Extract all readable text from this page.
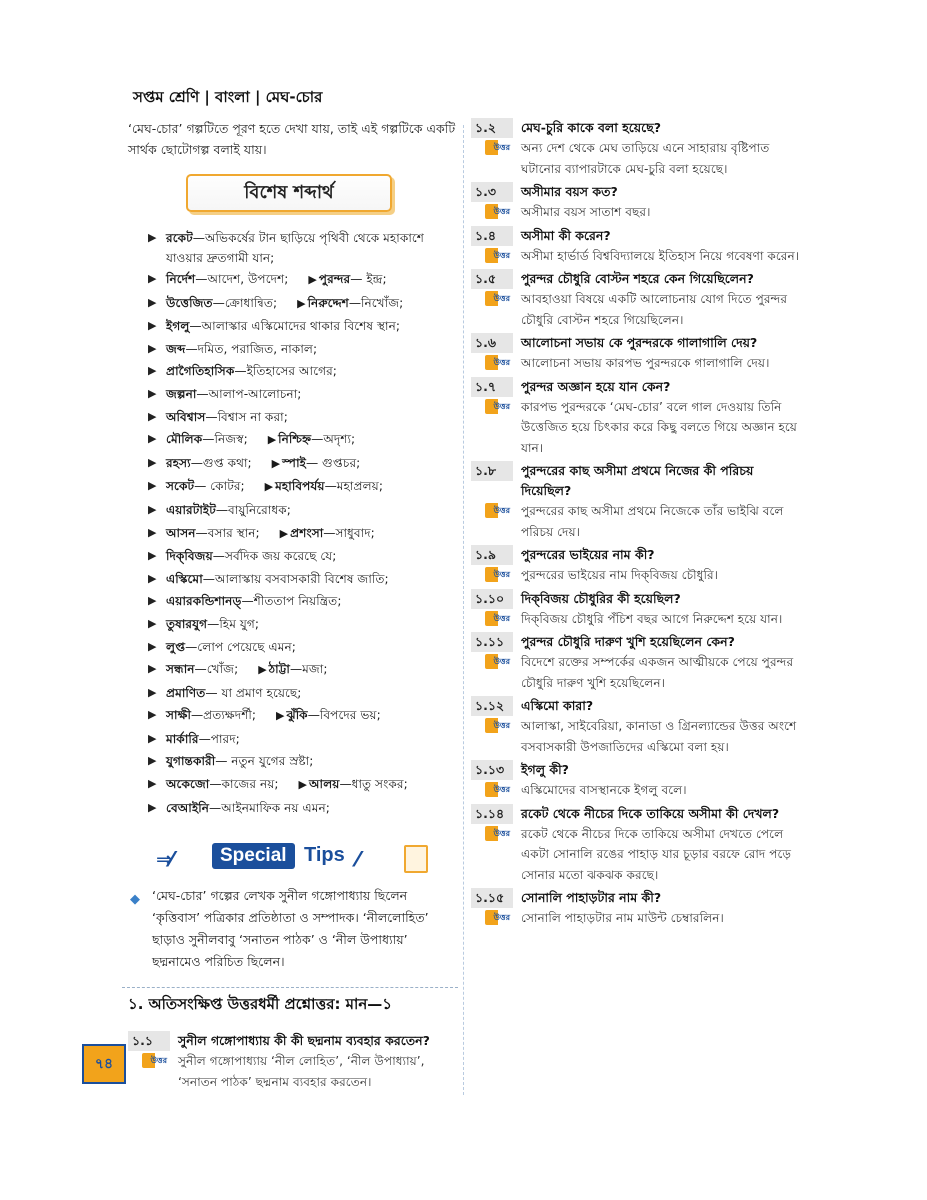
সপ্তম শ্রেণি | বাংলা | মেঘ-চোর

‘মেঘ-চোর’ গল্পটিতে পূরণ হতে দেখা যায়, তাই এই গল্পটিকে একটি সার্থক ছোটোগল্প বলাই যায়।

বিশেষ শব্দার্থ
▶ রকেট—অভিকর্ষের টান ছাড়িয়ে পৃথিবী থেকে মহাকাশে যাওয়ার দ্রুতগামী যান;
▶ নির্দেশ—আদেশ, উপদেশ; ▶ পুরন্দর— ইন্দ্র;
▶ উত্তেজিত—ক্রোধান্বিত; ▶ নিরুদ্দেশ—নিখোঁজ;
▶ ইগলু—আলাস্কার এস্কিমোদের থাকার বিশেষ স্থান;
▶ জব্দ—দমিত, পরাজিত, নাকাল;
▶ প্রাগৈতিহাসিক—ইতিহাসের আগের;
▶ জল্পনা—আলাপ-আলোচনা;
▶ অবিশ্বাস—বিশ্বাস না করা;
▶ মৌলিক—নিজস্ব; ▶ নিশ্চিহ্ন—অদৃশ্য;
▶ রহস্য—গুপ্ত কথা; ▶ স্পাই— গুপ্তচর;
▶ সকেট— কোটর; ▶ মহাবিপর্যয়—মহাপ্রলয়;
▶ এয়ারটাইট—বায়ুনিরোধক;
▶ আসন—বসার স্থান; ▶ প্রশংসা—সাধুবাদ;
▶ দিক্‌বিজয়—সর্বদিক জয় করেছে যে;
▶ এস্কিমো—আলাস্কায় বসবাসকারী বিশেষ জাতি;
▶ এয়ারকন্ডিশানড্—শীততাপ নিয়ন্ত্রিত;
▶ তুষারযুগ—হিম যুগ;
▶ লুপ্ত—লোপ পেয়েছে এমন;
▶ সন্ধান—খোঁজ; ▶ ঠাট্টা—মজা;
▶ প্রমাণিত— যা প্রমাণ হয়েছে;
▶ সাক্ষী—প্রত্যক্ষদর্শী; ▶ ঝুঁকি—বিপদের ভয়;
▶ মার্কারি—পারদ;
▶ যুগান্তকারী— নতুন যুগের স্রষ্টা;
▶ অকেজো—কাজের নয়; ▶ আলয়—ধাতু সংকর;
▶ বেআইনি—আইনমাফিক নয় এমন;
⇒⁄⁄	Special Tips ⁄⁄

◆ ‘মেঘ-চোর’ গল্পের লেখক সুনীল গঙ্গোপাধ্যায় ছিলেন ‘কৃত্তিবাস’ পত্রিকার প্রতিষ্ঠাতা ও সম্পাদক। ‘নীললোহিত’ ছাড়াও সুনীলবাবু ‘সনাতন পাঠক’ ও ‘নীল উপাধ্যায়’ ছদ্মনামেও পরিচিত ছিলেন।

১. অতিসংক্ষিপ্ত উত্তরধর্মী প্রশ্নোত্তর: মান—১
১.১	সুনীল গঙ্গোপাধ্যায় কী কী ছদ্মনাম ব্যবহার করতেন?
উত্তর সুনীল গঙ্গোপাধ্যায় ‘নীল লোহিত’, ‘নীল উপাধ্যায়’, ‘সনাতন পাঠক’ ছদ্মনাম ব্যবহার করতেন।
১.২	মেঘ-চুরি কাকে বলা হয়েছে?
উত্তর অন্য দেশ থেকে মেঘ তাড়িয়ে এনে সাহারায় বৃষ্টিপাত ঘটানোর ব্যাপারটাকে মেঘ-চুরি বলা হয়েছে।
১.৩	অসীমার বয়স কত?
উত্তর অসীমার বয়স সাতাশ বছর।
১.৪	অসীমা কী করেন?
উত্তর অসীমা হার্ভার্ড বিশ্ববিদ্যালয়ে ইতিহাস নিয়ে গবেষণা করেন।
১.৫	পুরন্দর চৌধুরি বোস্টন শহরে কেন গিয়েছিলেন?
উত্তর আবহাওয়া বিষয়ে একটি আলোচনায় যোগ দিতে পুরন্দর চৌধুরি বোস্টন শহরে গিয়েছিলেন।
১.৬	আলোচনা সভায় কে পুরন্দরকে গালাগালি দেয়?
উত্তর আলোচনা সভায় কারপভ পুরন্দরকে গালাগালি দেয়।
১.৭	পুরন্দর অজ্ঞান হয়ে যান কেন?
উত্তর কারপভ পুরন্দরকে ‘মেঘ-চোর’ বলে গাল দেওয়ায় তিনি উত্তেজিত হয়ে চিৎকার করে কিছু বলতে গিয়ে অজ্ঞান হয়ে যান।
১.৮	পুরন্দরের কাছ অসীমা প্রথমে নিজের কী পরিচয় দিয়েছিল?
উত্তর পুরন্দরের কাছ অসীমা প্রথমে নিজেকে তাঁর ভাইঝি বলে পরিচয় দেয়।
১.৯	পুরন্দরের ভাইয়ের নাম কী?
উত্তর পুরন্দরের ভাইয়ের নাম দিক্‌বিজয় চৌধুরি।
১.১০	দিক্‌বিজয় চৌধুরির কী হয়েছিল?
উত্তর দিক্‌বিজয় চৌধুরি পঁচিশ বছর আগে নিরুদ্দেশ হয়ে যান।
১.১১	পুরন্দর চৌধুরি দারুণ খুশি হয়েছিলেন কেন?
উত্তর বিদেশে রক্তের সম্পর্কের একজন আত্মীয়কে পেয়ে পুরন্দর চৌধুরি দারুণ খুশি হয়েছিলেন।
১.১২	এস্কিমো কারা?
উত্তর আলাস্কা, সাইবেরিয়া, কানাডা ও গ্রিনল্যান্ডের উত্তর অংশে বসবাসকারী উপজাতিদের এস্কিমো বলা হয়।
১.১৩	ইগলু কী?
উত্তর এস্কিমোদের বাসস্থানকে ইগলু বলে।
১.১৪	রকেট থেকে নীচের দিকে তাকিয়ে অসীমা কী দেখল?
উত্তর রকেট থেকে নীচের দিকে তাকিয়ে অসীমা দেখতে পেলে একটা সোনালি রঙের পাহাড় যার চূড়ার বরফে রোদ পড়ে সোনার মতো ঝকঝক করছে।
১.১৫	সোনালি পাহাড়টার নাম কী?
উত্তর সোনালি পাহাড়টার নাম মাউন্ট চেম্বারলিন।
৭৪
